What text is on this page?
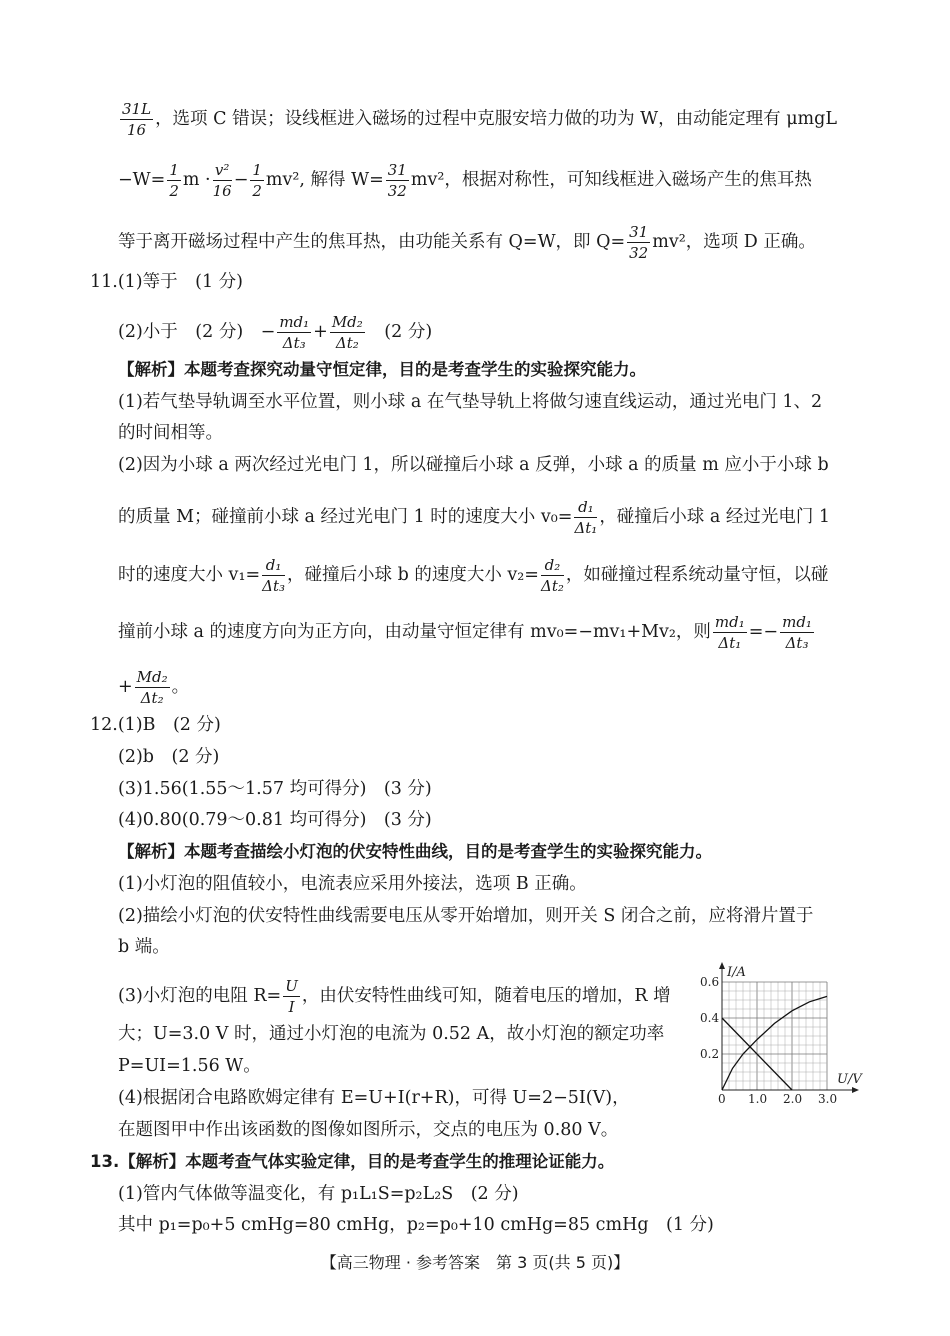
$\frac{31L}{16}$ ，选项 C 错误；设线框进入磁场的过程中克服安培力做的功为 W，由动能定理有 μmgL
$-W= \frac{1}{2}$ $m \cdot \frac{\text{v²}}{16} - \frac{1}{2} mv^2$, 解得 $W= \frac{31}{32} mv^2$，根据对称性，可知线框进入磁场产生的焦耳热
等于离开磁场过程中产生的焦耳热，由功能关系有 Q=W，即 $Q= \frac{31}{32} mv^2$，选项 D 正确。
11.(1)等于　(1 分)
(2)小于　(2 分)　− $\frac{\text{md₁}}{\text{Δt₃}} + \frac{\text{Md₂}}{\text{Δt₂}}$ 　(2 分)
【解析】本题考查探究动量守恒定律，目的是考查学生的实验探究能力。
(1)若气垫导轨调至水平位置，则小球 a 在气垫导轨上将做匀速直线运动，通过光电门 1、2
的时间相等。
(2)因为小球 a 两次经过光电门 1，所以碰撞后小球 a 反弹，小球 a 的质量 m 应小于小球 b
的质量 M；碰撞前小球 a 经过光电门 1 时的速度大小 $v_0= \frac{\text{d₁}}{\text{Δt₁}}$ ，碰撞后小球 a 经过光电门 1
时的速度大小 $v_1= \frac{\text{d₁}}{\text{Δt₃}}$ ，碰撞后小球 b 的速度大小 $v_2= \frac{\text{d₂}}{\text{Δt₂}}$ ，如碰撞过程系统动量守恒，以碰
撞前小球 a 的速度方向为正方向，由动量守恒定律有 mv₀=−mv₁+Mv₂，则 $\frac{\text{md₁}}{\text{Δt₁}} =- \frac{\text{md₁}}{\text{Δt₃}}$
+ $\frac{\text{Md₂}}{\text{Δt₂}}$ 。
12.(1)B　(2 分)
(2)b　(2 分)
(3)1.56(1.55～1.57 均可得分)　(3 分)
(4)0.80(0.79～0.81 均可得分)　(3 分)
【解析】本题考查描绘小灯泡的伏安特性曲线，目的是考查学生的实验探究能力。
(1)小灯泡的阻值较小，电流表应采用外接法，选项 B 正确。
(2)描绘小灯泡的伏安特性曲线需要电压从零开始增加，则开关 S 闭合之前，应将滑片置于
b 端。
(3)小灯泡的电阻 $R= \frac{U}{I}$ ，由伏安特性曲线可知，随着电压的增加，R 增
大；U=3.0 V 时，通过小灯泡的电流为 0.52 A，故小灯泡的额定功率
P=UI=1.56 W。
(4)根据闭合电路欧姆定律有 E=U+I(r+R)，可得 U=2−5I(V)，
在题图甲中作出该函数的图像如图所示，交点的电压为 0.80 V。
13.【解析】本题考查气体实验定律，目的是考查学生的推理论证能力。
(1)管内气体做等温变化，有 p₁L₁S=p₂L₂S　(2 分)
其中 p₁=p₀+5 cmHg=80 cmHg，p₂=p₀+10 cmHg=85 cmHg　(1 分)
【高三物理 · 参考答案　第 3 页(共 5 页)】
U/V
I/A
0 1.0 2.0 3.0
0.2
0.4
0.6
